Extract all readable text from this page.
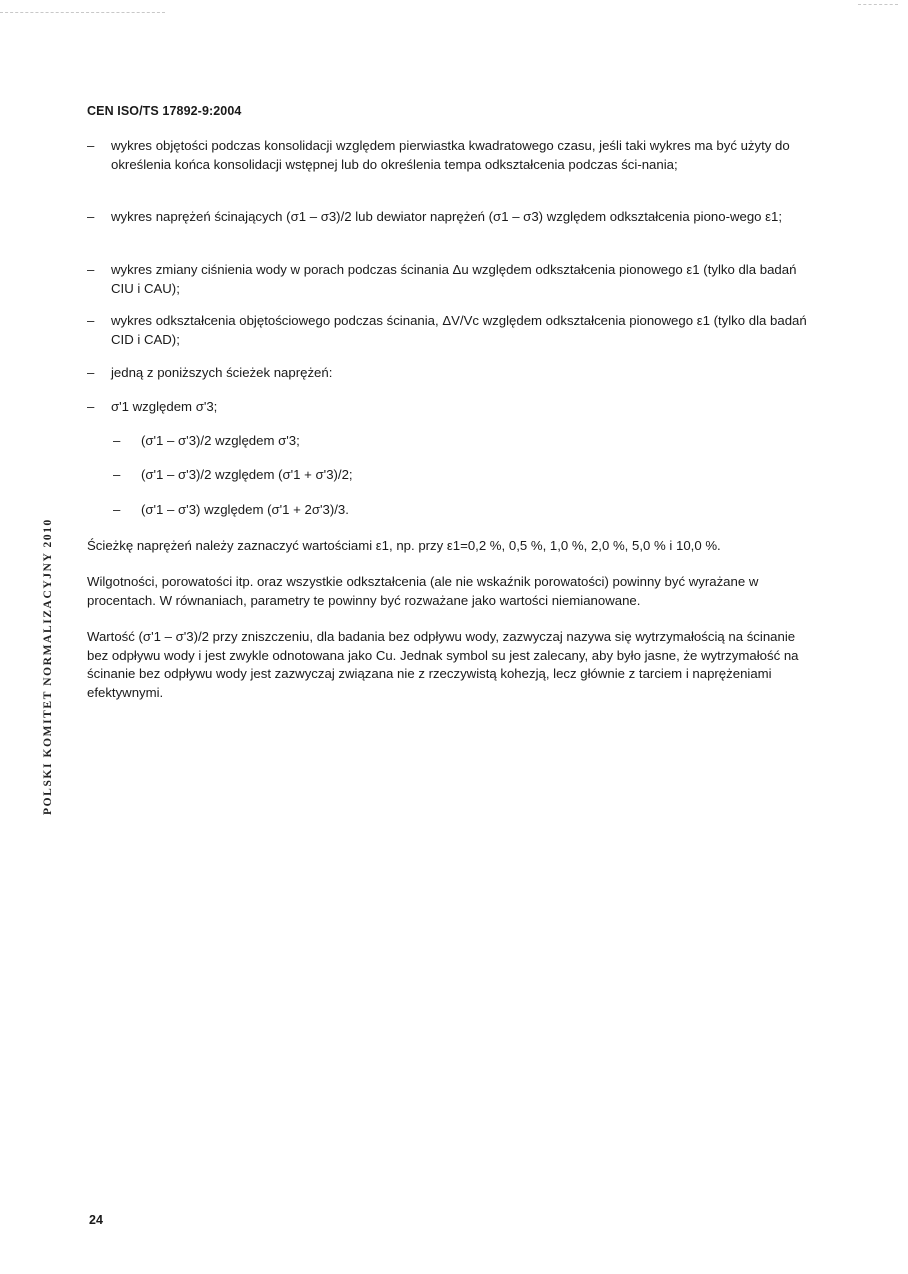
CEN ISO/TS 17892-9:2004
– wykres objętości podczas konsolidacji względem pierwiastka kwadratowego czasu, jeśli taki wykres ma być użyty do określenia końca konsolidacji wstępnej lub do określenia tempa odkształcenia podczas ści-nania;
– wykres naprężeń ścinających (σ1 – σ3)/2 lub dewiator naprężeń (σ1 – σ3) względem odkształcenia piono-wego ε1;
– wykres zmiany ciśnienia wody w porach podczas ścinania Δu względem odkształcenia pionowego ε1 (tylko dla badań CIU i CAU);
– wykres odkształcenia objętościowego podczas ścinania, ΔV/Vc względem odkształcenia pionowego ε1 (tylko dla badań CID i CAD);
– jedną z poniższych ścieżek naprężeń:
– σ'1 względem σ'3;
– (σ'1 – σ'3)/2 względem σ'3;
– (σ'1 – σ'3)/2 względem (σ'1 + σ'3)/2;
– (σ'1 – σ'3) względem (σ'1 + 2σ'3)/3.
Ścieżkę naprężeń należy zaznaczyć wartościami ε1, np. przy ε1=0,2 %, 0,5 %, 1,0 %, 2,0 %, 5,0 % i 10,0 %.
Wilgotności, porowatości itp. oraz wszystkie odkształcenia (ale nie wskaźnik porowatości) powinny być wyrażane w procentach. W równaniach, parametry te powinny być rozważane jako wartości niemianowane.
Wartość (σ'1 – σ'3)/2 przy zniszczeniu, dla badania bez odpływu wody, zazwyczaj nazywa się wytrzymałością na ścinanie bez odpływu wody i jest zwykle odnotowana jako Cu. Jednak symbol su jest zalecany, aby było jasne, że wytrzymałość na ścinanie bez odpływu wody jest zazwyczaj związana nie z rzeczywistą kohezją, lecz głównie z tarciem i naprężeniami efektywnymi.
POLSKI KOMITET NORMALIZACYJNY 2010
24
